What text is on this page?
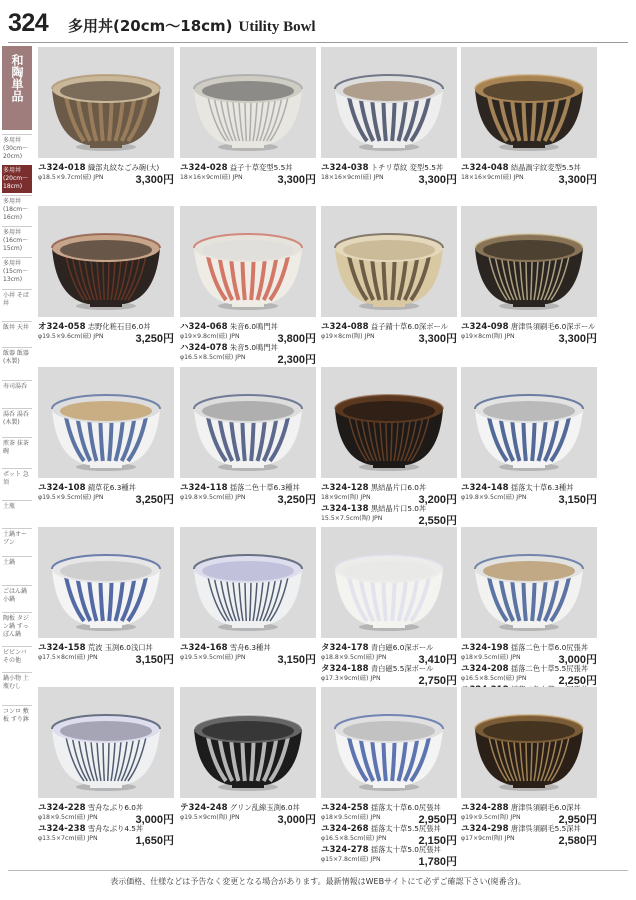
324 多用丼(20cm～18cm) Utility Bowl
和陶単品
多用丼 (30cm～20cm)
多用丼 (20cm～18cm)
多用丼 (18cm～16cm)
多用丼 (16cm～15cm)
多用丼 (15cm～13cm)
小丼 そば丼
飯丼 天丼
飯器 飯器(木製)
寿司湯呑
湯呑 湯呑(木製)
煎茶 抹茶碗
ポット 急須
土瓶
土鍋オーブン
土鍋
ごはん鍋 小鍋
陶板 タジン鍋 すっぽん鍋
ビビンバ その他
鍋小物 土瓶むし
コンロ 敷板 すり鉢
ユ324-018 織部丸紋なごみ碗(大)
φ18.5×9.7cm(磁) JPN	3,300円
ユ324-028 益子十草変型5.5丼
18×16×9cm(磁) JPN	3,300円
ユ324-038 トチリ草紋 変型5.5丼
18×16×9cm(磁) JPN	3,300円
ユ324-048 結晶渦字紋変型5.5丼
18×16×9cm(磁) JPN	3,300円
オ324-058 志野化粧石目6.0丼
φ19.5×9.6cm(磁) JPN	3,250円
ハ324-068 朱音6.0鳴門丼
φ19×9.8cm(磁) JPN	3,800円
ハ324-078 朱音5.0鳴門丼
φ16.5×8.5cm(磁) JPN	2,300円
ユ324-088 益子錆十草6.0深ボール
φ19×8cm(陶) JPN	3,300円
ユ324-098 唐津呉須刷毛6.0深ボール
φ19×8cm(陶) JPN	3,300円
ユ324-108 錆草花6.3種丼
φ19.5×9.5cm(磁) JPN	3,250円
ユ324-118 揺落二色十草6.3種丼
φ19.8×9.5cm(磁) JPN	3,250円
ユ324-128 黒結晶片口6.0丼
18×9cm(陶) JPN	3,200円
ユ324-138 黒結晶片口5.0丼
15.5×7.5cm(陶) JPN	2,550円
ユ324-148 揺落太十草6.3種丼
φ19.8×9.5cm(磁) JPN	3,150円
ユ324-158 荒波 玉渕6.0浅口丼
φ17.5×8cm(磁) JPN	3,150円
ユ324-168 雪舟6.3種丼
φ19.5×9.5cm(磁) JPN	3,150円
タ324-178 青白磁6.0深ボール
φ18.8×9.5cm(磁) JPN	3,410円
タ324-188 青白磁5.5深ボール
φ17.3×9cm(磁) JPN	2,750円
ユ324-198 揺落二色十草6.0尻張丼
φ18×9.5cm(磁) JPN	3,000円
ユ324-208 揺落二色十草5.5尻張丼
φ16.5×8.5cm(磁) JPN	2,250円
ユ324-228 雪舟なぶり6.0丼
φ18×9.5cm(磁) JPN	3,000円
ユ324-238 雪舟なぶり4.5丼
φ13.5×7cm(磁) JPN	1,650円
テ324-248 グリン乱線玉渕6.0丼
φ19.5×9cm(陶) JPN	3,000円
ユ324-258 揺落太十草6.0尻張丼
φ18×9.5cm(磁) JPN	2,950円
ユ324-268 揺落太十草5.5尻張丼
φ16.5×8.5cm(磁) JPN	2,150円
ユ324-278 揺落太十草5.0尻張丼
φ15×7.8cm(磁) JPN	1,780円
ユ324-288 唐津呉須刷毛6.0深丼
φ19×9.5cm(陶) JPN	2,950円
ユ324-298 唐津呉須刷毛5.5深丼
φ17×9cm(陶) JPN	2,580円
表示価格、仕様などは予告なく変更となる場合があります。最新情報はWEBサイトにて必ずご確認下さい(廃番含)。
